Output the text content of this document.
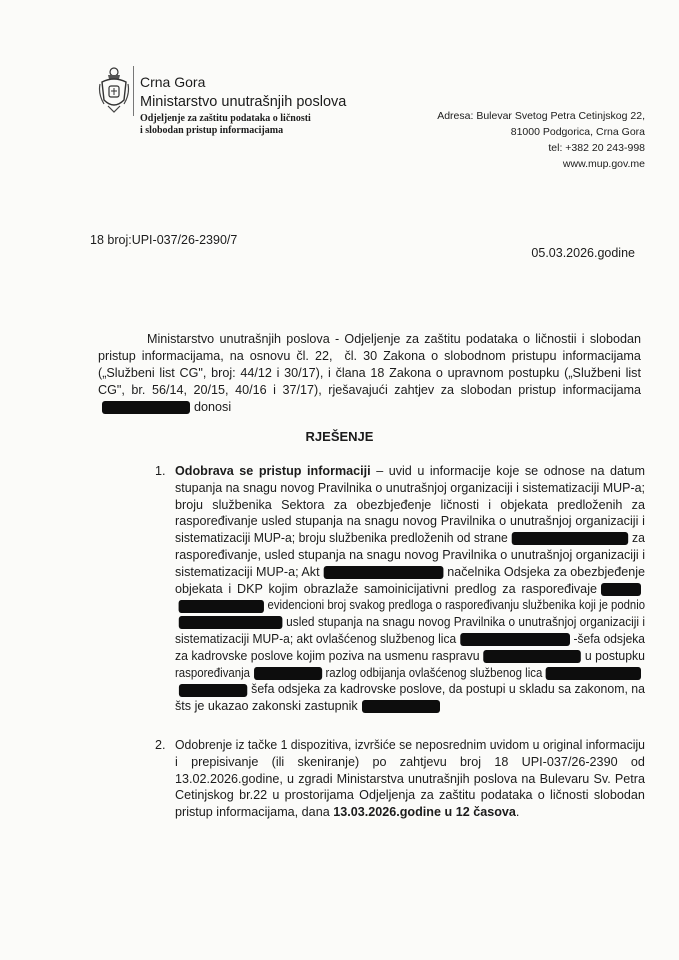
Crna Gora
Ministarstvo unutrašnjih poslova
Odjeljenje za zaštitu podataka o ličnosti
i slobodan pristup informacijama
Adresa: Bulevar Svetog Petra Cetinjskog 22,
81000 Podgorica, Crna Gora
tel: +382 20 243-998
www.mup.gov.me
18 broj:UPI-037/26-2390/7
05.03.2026.godine
Ministarstvo unutrašnjih poslova - Odjeljenje za zaštitu podataka o ličnostii i slobodan
pristup informacijama, na osnovu čl. 22,  čl. 30 Zakona o slobodnom pristupu informacijama
(„Službeni list CG", broj: 44/12 i 30/17), i člana 18 Zakona o upravnom postupku („Službeni list
CG", br. 56/14, 20/15, 40/16 i 37/17), rješavajući zahtjev za slobodan pristup informacijama
donosi
RJEŠENJE
1. Odobrava se pristup informaciji – uvid u informacije koje se odnose na datum
stupanja na snagu novog Pravilnika o unutrašnjoj organizaciji i sistematizaciji MUP-a;
broju službenika Sektora za obezbjeđenje ličnosti i objekata predloženih za
raspoređivanje usled stupanja na snagu novog Pravilnika o unutrašnjoj organizaciji i
sistematizaciji MUP-a; broju službenika predloženih od strane	za
raspoređivanje, usled stupanja na snagu novog Pravilnika o unutrašnjoj organizaciji i
sistematizaciji MUP-a; Akt	načelnika Odsjeka za obezbjeđenje
objekata i DKP kojim obrazlaže samoinicijativni predlog za raspoređivaje
evidencioni broj svakog predloga o raspoređivanju službenika koji je podnio
usled stupanja na snagu novog Pravilnika o unutrašnjoj organizaciji i
sistematizaciji MUP-a; akt ovlašćenog službenog lica	-šefa odsjeka
za kadrovske poslove kojim poziva na usmenu raspravu	u postupku
raspoređivanja	razlog odbijanja ovlašćenog službenog lica
šefa odsjeka za kadrovske poslove, da postupi u skladu sa zakonom, na
šts je ukazao zakonski zastupnik
2. Odobrenje iz tačke 1 dispozitiva, izvršiće se neposrednim uvidom u original informaciju
i  prepisivanje  (ili  skeniranje)  po  zahtjevu  broj  18  UPI-037/26-2390  od
13.02.2026.godine, u zgradi Ministarstva unutrašnjih poslova na Bulevaru Sv. Petra
Cetinjskog br.22 u prostorijama Odjeljenja za zaštitu podataka o ličnosti slobodan
pristup informacijama, dana 13.03.2026.godine u 12 časova.
